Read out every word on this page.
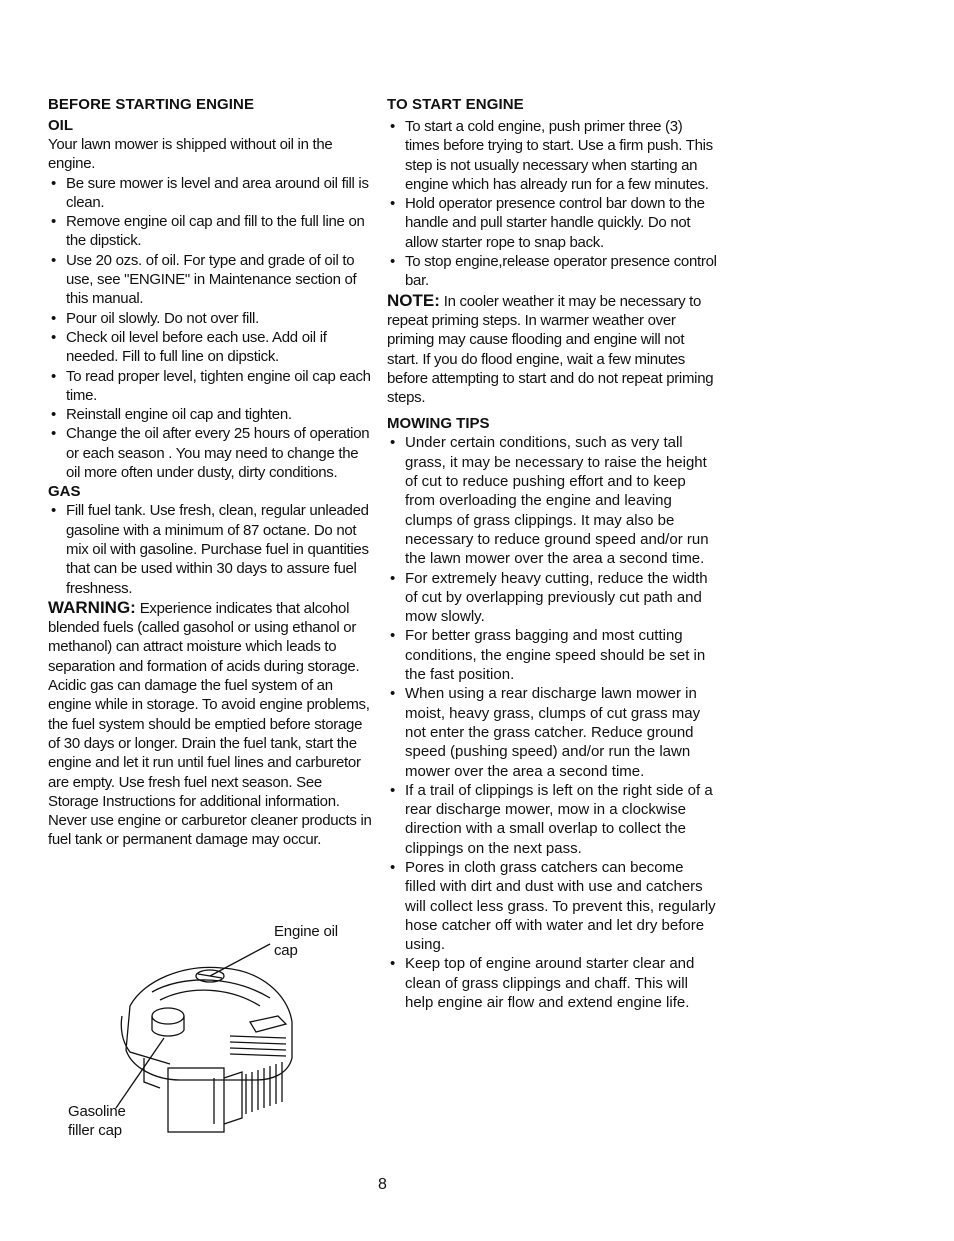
BEFORE STARTING ENGINE
OIL

Your lawn mower is shipped without oil in the engine.

• Be sure mower is level and area around oil fill is clean.
• Remove engine oil cap and fill to the full line on the dipstick.
• Use 20 ozs. of oil. For type and grade of oil to use, see "ENGINE" in Maintenance section of this manual.
• Pour oil slowly. Do not over fill.
• Check oil level before each use. Add oil if needed. Fill to full line on dipstick.
• To read proper level, tighten engine oil cap each time.
• Reinstall engine oil cap and tighten.
• Change the oil after every 25 hours of operation or each season . You may need to change the oil more often under dusty, dirty conditions.
GAS
• Fill fuel tank. Use fresh, clean, regular unleaded gasoline with a minimum of 87 octane. Do not mix oil with gasoline. Purchase fuel in quantities that can be used within 30 days to assure fuel freshness.

WARNING: Experience indicates that alcohol blended fuels (called gasohol or using ethanol or methanol) can attract moisture which leads to separation and formation of acids during storage. Acidic gas can damage the fuel system of an engine while in storage. To avoid engine problems, the fuel system should be emptied before storage of 30 days or longer. Drain the fuel tank, start the engine and let it run until fuel lines and carburetor are empty. Use fresh fuel next season. See Storage Instructions for additional information. Never use engine or carburetor cleaner products in fuel tank or permanent damage may occur.

TO START ENGINE
• To start a cold engine, push primer three (3) times before trying to start. Use a firm push. This step is not usually necessary when starting an engine which has already run for a few minutes.
• Hold operator presence control bar down to the handle and pull starter handle quickly. Do not allow starter rope to snap back.
• To stop engine,release operator presence control bar.

NOTE: In cooler weather it may be necessary to repeat priming steps. In warmer weather over priming may cause flooding and engine will not start. If you do flood engine, wait a few minutes before attempting to start and do not repeat priming steps.

MOWING TIPS
• Under certain conditions, such as very tall grass, it may be necessary to raise the height of cut to reduce pushing effort and to keep from overloading the engine and leaving clumps of grass clippings. It may also be necessary to reduce ground speed and/or run the lawn mower over the area a second time.
• For extremely heavy cutting, reduce the width of cut by overlapping previously cut path and mow slowly.
• For better grass bagging and most cutting conditions, the engine speed should be set in the fast position.
• When using a rear discharge lawn mower in moist, heavy grass, clumps of cut grass may not enter the grass catcher. Reduce ground speed (pushing speed) and/or run the lawn mower over the area a second time.
• If a trail of clippings is left on the right side of a rear discharge mower, mow in a clockwise direction with a small overlap to collect the clippings on the next pass.
• Pores in cloth grass catchers can become filled with dirt and dust with use and catchers will collect less grass. To prevent this, regularly hose catcher off with water and let dry before using.
• Keep top of engine around starter clear and clean of grass clippings and chaff. This will help engine air flow and extend engine life.
Engine oil
cap
Gasoline
filler cap
8
